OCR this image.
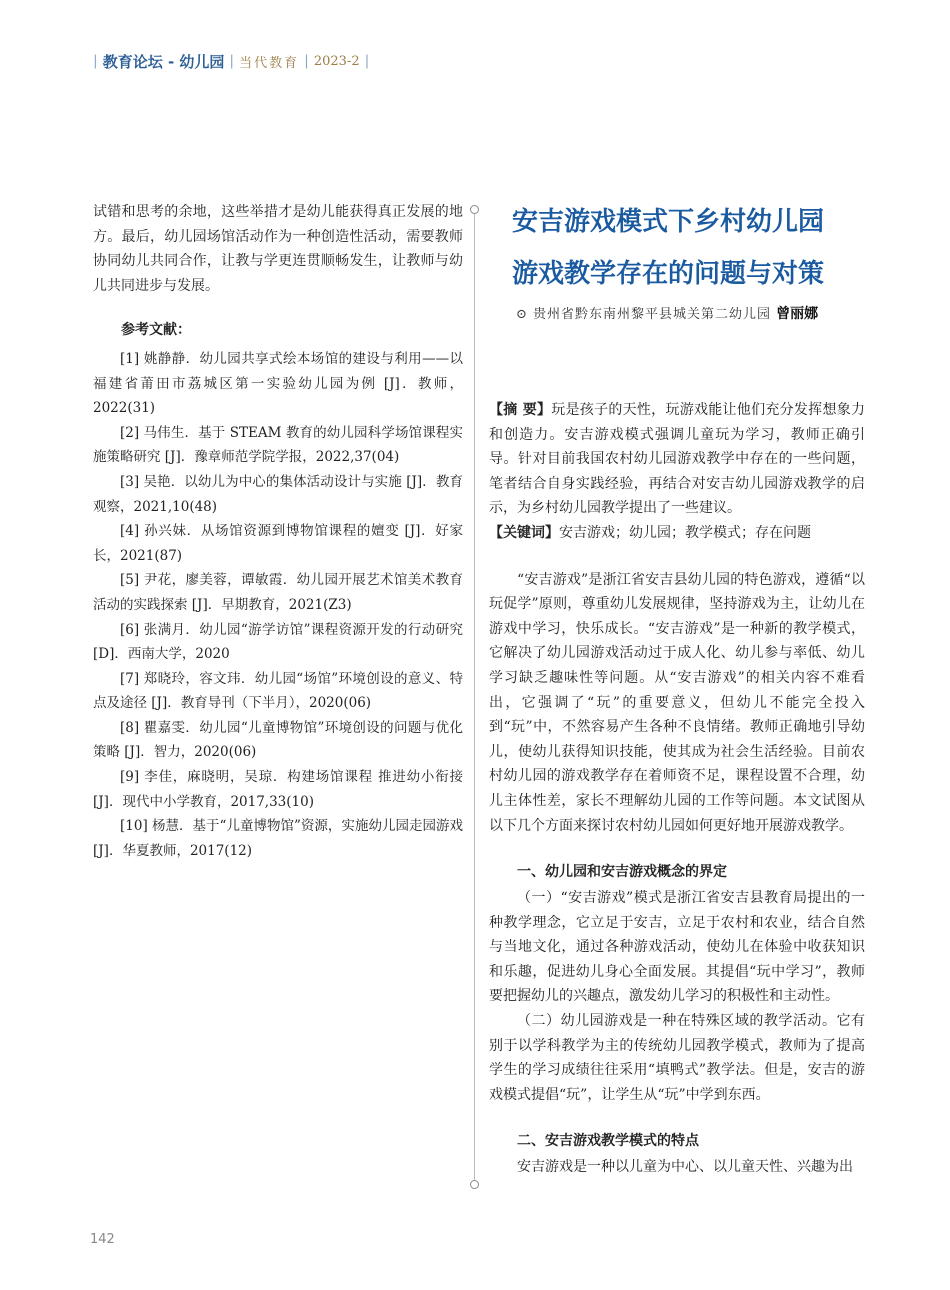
| 教育论坛 - 幼儿园 | 当代教育 | 2023-2 |

试错和思考的余地，这些举措才是幼儿能获得真正发展的地方。最后，幼儿园场馆活动作为一种创造性活动，需要教师协同幼儿共同合作，让教与学更连贯顺畅发生，让教师与幼儿共同进步与发展。

参考文献：

[1] 姚静静．幼儿园共享式绘本场馆的建设与利用——以福建省莆田市荔城区第一实验幼儿园为例 [J]．教师，2022(31)

[2] 马伟生．基于 STEAM 教育的幼儿园科学场馆课程实施策略研究 [J]．豫章师范学院学报，2022,37(04)

[3] 吴艳．以幼儿为中心的集体活动设计与实施 [J]．教育观察，2021,10(48)

[4] 孙兴妹．从场馆资源到博物馆课程的嬗变 [J]．好家长，2021(87)

[5] 尹花，廖美蓉，谭敏霞．幼儿园开展艺术馆美术教育活动的实践探索 [J]．早期教育，2021(Z3)

[6] 张满月．幼儿园“游学访馆”课程资源开发的行动研究 [D]．西南大学，2020

[7] 郑晓玲，容文玮．幼儿园“场馆”环境创设的意义、特点及途径 [J]．教育导刊（下半月），2020(06)

[8] 瞿嘉雯．幼儿园“儿童博物馆”环境创设的问题与优化策略 [J]．智力，2020(06)

[9] 李佳，麻晓明，吴琼．构建场馆课程 推进幼小衔接 [J]．现代中小学教育，2017,33(10)

[10] 杨慧．基于“儿童博物馆”资源，实施幼儿园走园游戏 [J]．华夏教师，2017(12)

安吉游戏模式下乡村幼儿园
游戏教学存在的问题与对策
⊙ 贵州省黔东南州黎平县城关第二幼儿园 曾丽娜

【摘 要】玩是孩子的天性，玩游戏能让他们充分发挥想象力和创造力。安吉游戏模式强调儿童玩为学习，教师正确引导。针对目前我国农村幼儿园游戏教学中存在的一些问题，笔者结合自身实践经验，再结合对安吉幼儿园游戏教学的启示，为乡村幼儿园教学提出了一些建议。

【关键词】安吉游戏；幼儿园；教学模式；存在问题

“安吉游戏”是浙江省安吉县幼儿园的特色游戏，遵循“以玩促学”原则，尊重幼儿发展规律，坚持游戏为主，让幼儿在游戏中学习，快乐成长。“安吉游戏”是一种新的教学模式，它解决了幼儿园游戏活动过于成人化、幼儿参与率低、幼儿学习缺乏趣味性等问题。从“安吉游戏”的相关内容不难看出，它强调了“玩”的重要意义，但幼儿不能完全投入到“玩”中，不然容易产生各种不良情绪。教师正确地引导幼儿，使幼儿获得知识技能，使其成为社会生活经验。目前农村幼儿园的游戏教学存在着师资不足，课程设置不合理，幼儿主体性差，家长不理解幼儿园的工作等问题。本文试图从以下几个方面来探讨农村幼儿园如何更好地开展游戏教学。

一、幼儿园和安吉游戏概念的界定

（一）“安吉游戏”模式是浙江省安吉县教育局提出的一种教学理念，它立足于安吉，立足于农村和农业，结合自然与当地文化，通过各种游戏活动，使幼儿在体验中收获知识和乐趣，促进幼儿身心全面发展。其提倡“玩中学习”，教师要把握幼儿的兴趣点，激发幼儿学习的积极性和主动性。

（二）幼儿园游戏是一种在特殊区域的教学活动。它有别于以学科教学为主的传统幼儿园教学模式，教师为了提高学生的学习成绩往往采用“填鸭式”教学法。但是，安吉的游戏模式提倡“玩”，让学生从“玩”中学到东西。

二、安吉游戏教学模式的特点

安吉游戏是一种以儿童为中心、以儿童天性、兴趣为出

142
